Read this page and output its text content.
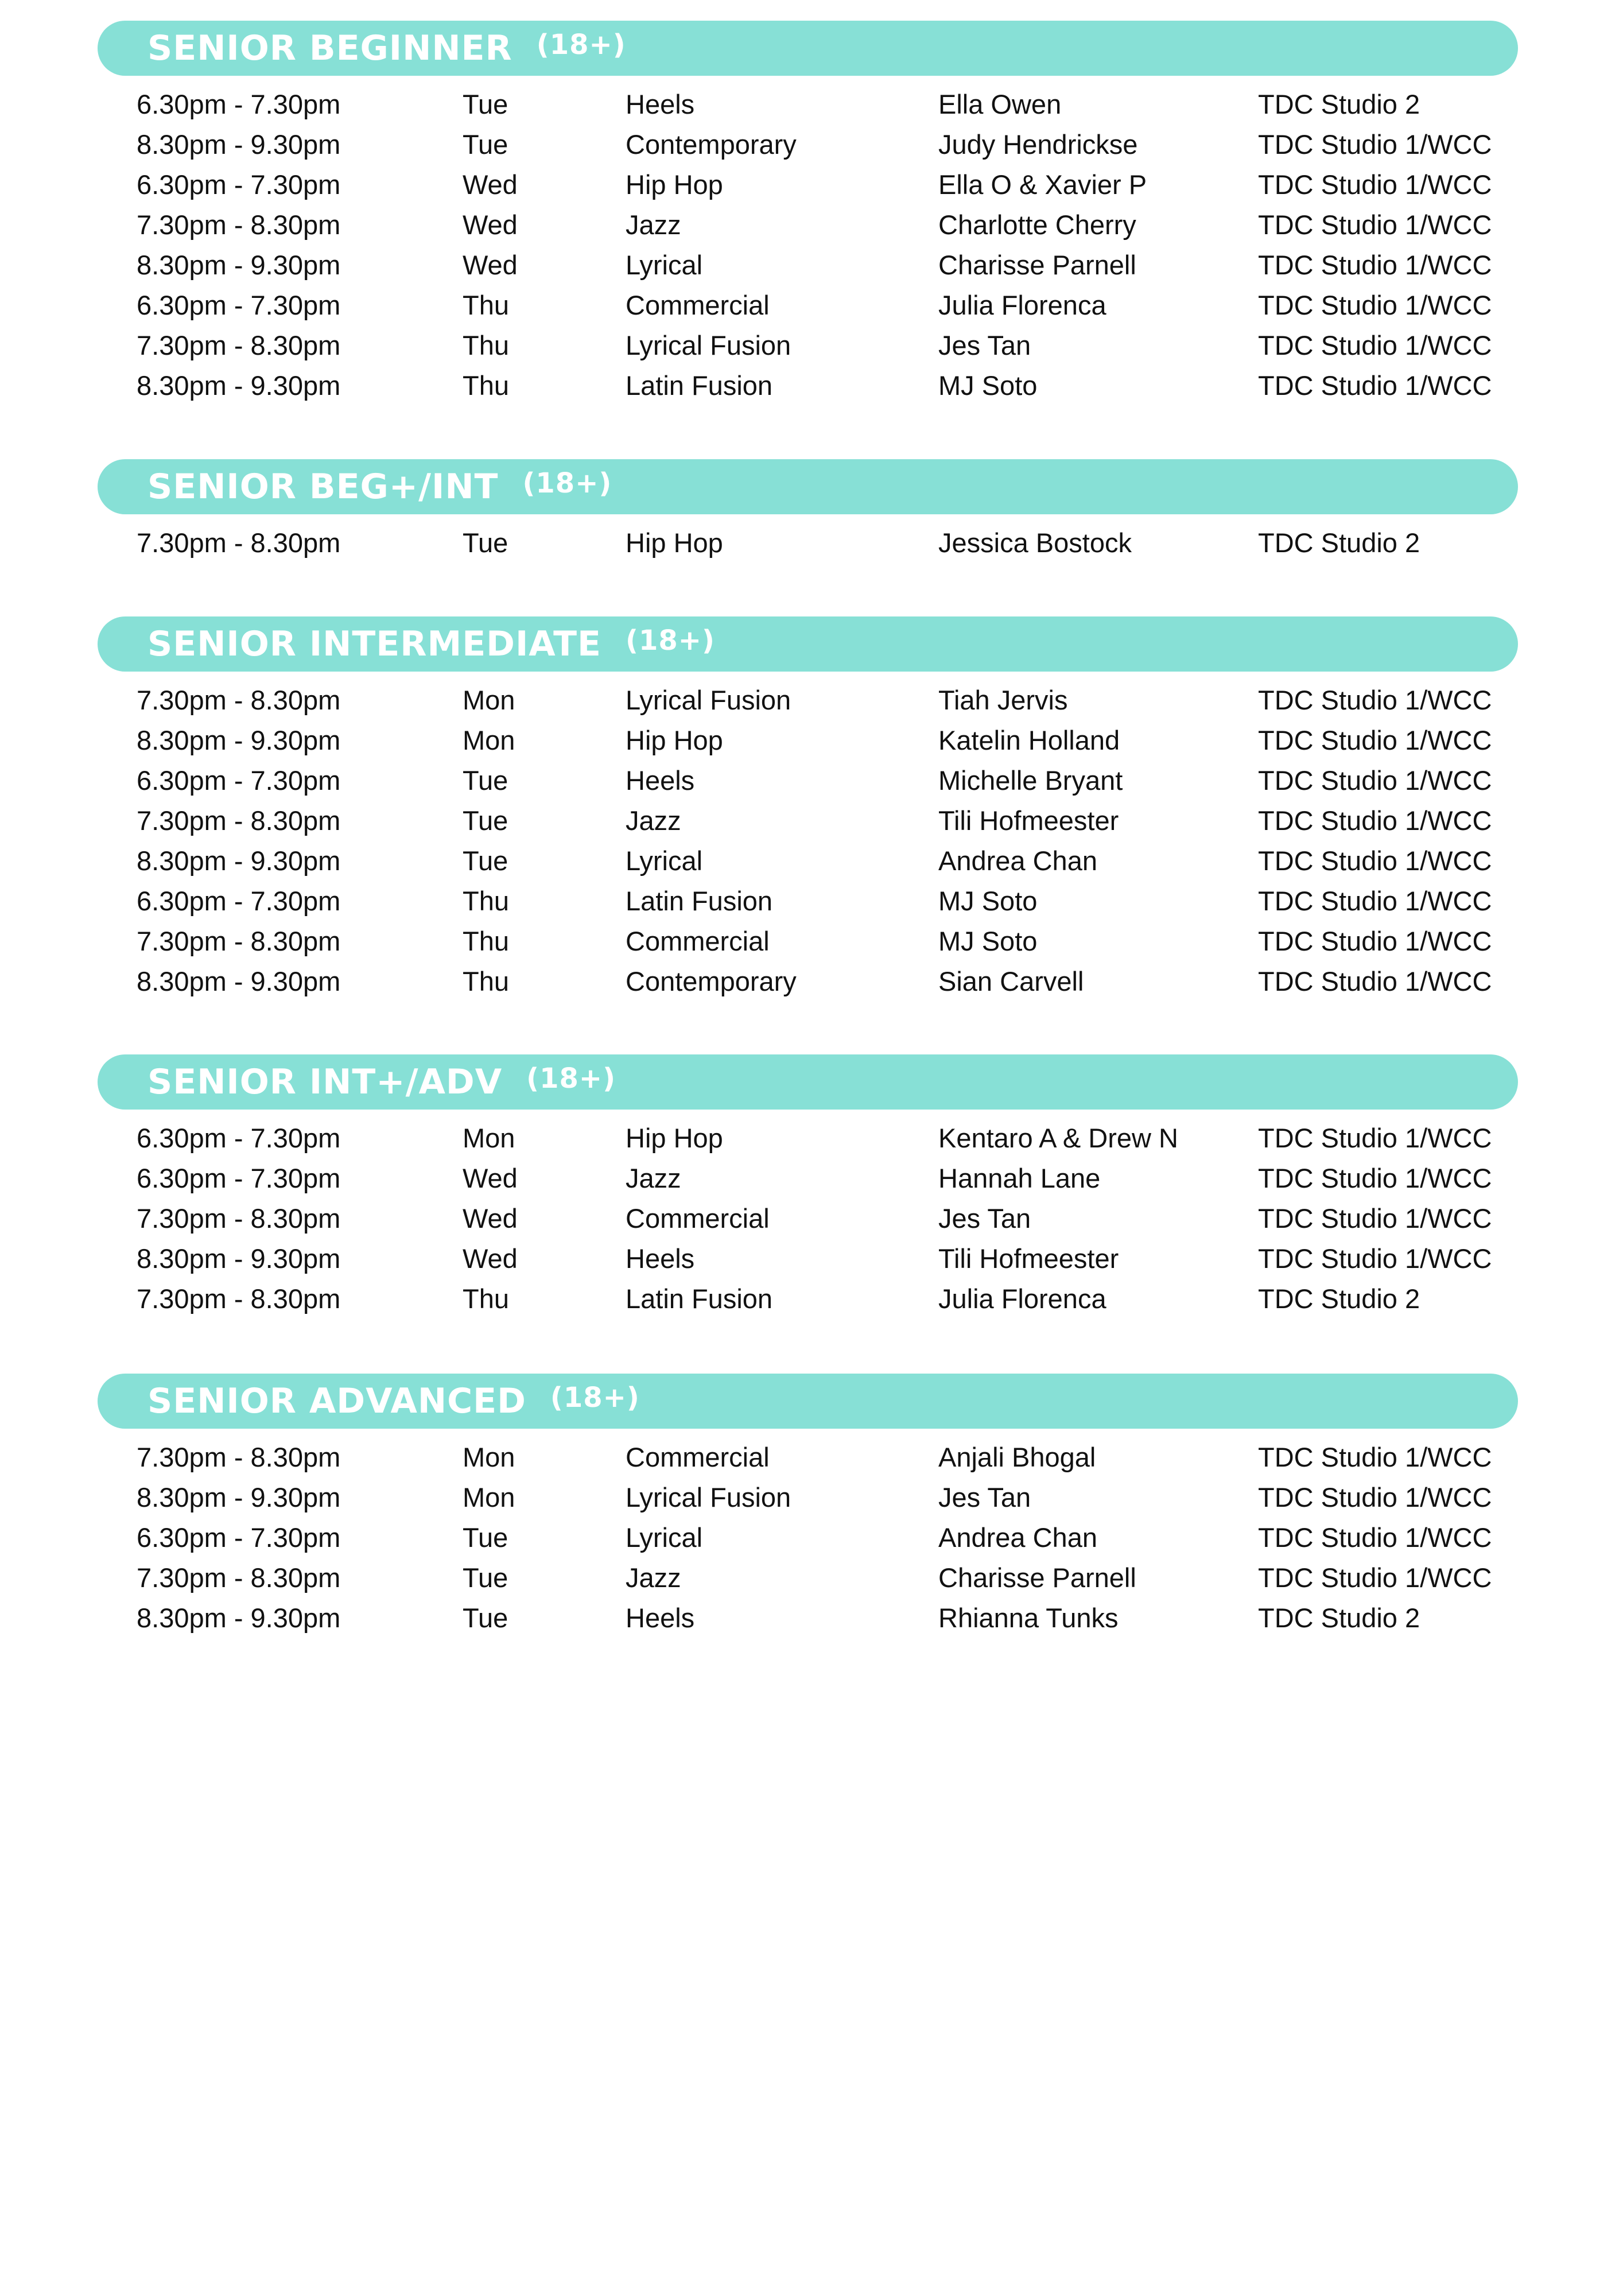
SENIOR BEGINNER (18+)
6.30pm - 7.30pm	Tue	Heels	Ella Owen	TDC Studio 2
8.30pm - 9.30pm	Tue	Contemporary	Judy Hendrickse	TDC Studio 1/WCC
6.30pm - 7.30pm	Wed	Hip Hop	Ella O & Xavier P	TDC Studio 1/WCC
7.30pm - 8.30pm	Wed	Jazz	Charlotte Cherry	TDC Studio 1/WCC
8.30pm - 9.30pm	Wed	Lyrical	Charisse Parnell	TDC Studio 1/WCC
6.30pm - 7.30pm	Thu	Commercial	Julia Florenca	TDC Studio 1/WCC
7.30pm - 8.30pm	Thu	Lyrical Fusion	Jes Tan	TDC Studio 1/WCC
8.30pm - 9.30pm	Thu	Latin Fusion	MJ Soto	TDC Studio 1/WCC
SENIOR BEG+/INT (18+)
7.30pm - 8.30pm	Tue	Hip Hop	Jessica Bostock	TDC Studio 2
SENIOR INTERMEDIATE (18+)
7.30pm - 8.30pm	Mon	Lyrical Fusion	Tiah Jervis	TDC Studio 1/WCC
8.30pm - 9.30pm	Mon	Hip Hop	Katelin Holland	TDC Studio 1/WCC
6.30pm - 7.30pm	Tue	Heels	Michelle Bryant	TDC Studio 1/WCC
7.30pm - 8.30pm	Tue	Jazz	Tili Hofmeester	TDC Studio 1/WCC
8.30pm - 9.30pm	Tue	Lyrical	Andrea Chan	TDC Studio 1/WCC
6.30pm - 7.30pm	Thu	Latin Fusion	MJ Soto	TDC Studio 1/WCC
7.30pm - 8.30pm	Thu	Commercial	MJ Soto	TDC Studio 1/WCC
8.30pm - 9.30pm	Thu	Contemporary	Sian Carvell	TDC Studio 1/WCC
SENIOR INT+/ADV (18+)
6.30pm - 7.30pm	Mon	Hip Hop	Kentaro A & Drew N	TDC Studio 1/WCC
6.30pm - 7.30pm	Wed	Jazz	Hannah Lane	TDC Studio 1/WCC
7.30pm - 8.30pm	Wed	Commercial	Jes Tan	TDC Studio 1/WCC
8.30pm - 9.30pm	Wed	Heels	Tili Hofmeester	TDC Studio 1/WCC
7.30pm - 8.30pm	Thu	Latin Fusion	Julia Florenca	TDC Studio 2
SENIOR ADVANCED (18+)
7.30pm - 8.30pm	Mon	Commercial	Anjali Bhogal	TDC Studio 1/WCC
8.30pm - 9.30pm	Mon	Lyrical Fusion	Jes Tan	TDC Studio 1/WCC
6.30pm - 7.30pm	Tue	Lyrical	Andrea Chan	TDC Studio 1/WCC
7.30pm - 8.30pm	Tue	Jazz	Charisse Parnell	TDC Studio 1/WCC
8.30pm - 9.30pm	Tue	Heels	Rhianna Tunks	TDC Studio 2
